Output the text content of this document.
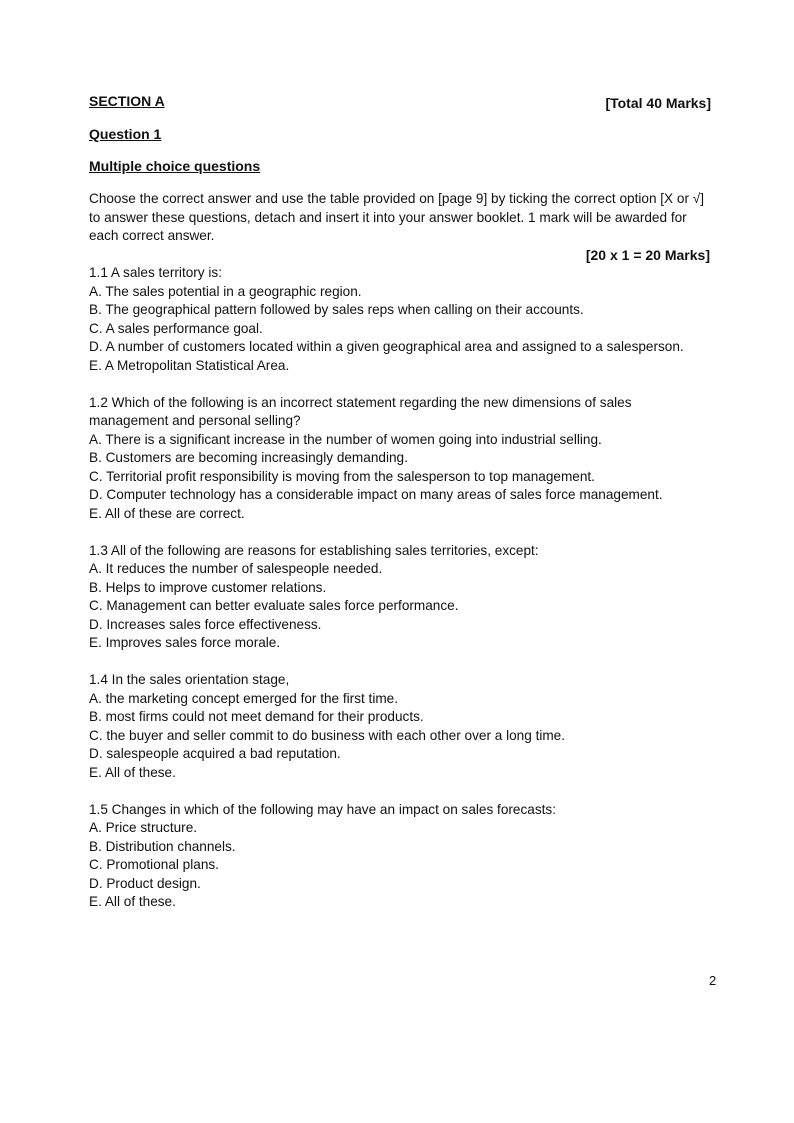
SECTION A	[Total 40 Marks]
Question 1
Multiple choice questions
Choose the correct answer and use the table provided on [page 9] by ticking the correct option [X or √] to answer these questions, detach and insert it into your answer booklet. 1 mark will be awarded for each correct answer.
[20 x 1 = 20 Marks]
1.1 A sales territory is:
A. The sales potential in a geographic region.
B. The geographical pattern followed by sales reps when calling on their accounts.
C. A sales performance goal.
D. A number of customers located within a given geographical area and assigned to a salesperson.
E. A Metropolitan Statistical Area.
1.2 Which of the following is an incorrect statement regarding the new dimensions of sales management and personal selling?
A. There is a significant increase in the number of women going into industrial selling.
B. Customers are becoming increasingly demanding.
C. Territorial profit responsibility is moving from the salesperson to top management.
D. Computer technology has a considerable impact on many areas of sales force management.
E. All of these are correct.
1.3 All of the following are reasons for establishing sales territories, except:
A. It reduces the number of salespeople needed.
B. Helps to improve customer relations.
C. Management can better evaluate sales force performance.
D. Increases sales force effectiveness.
E. Improves sales force morale.
1.4 In the sales orientation stage,
A. the marketing concept emerged for the first time.
B. most firms could not meet demand for their products.
C. the buyer and seller commit to do business with each other over a long time.
D. salespeople acquired a bad reputation.
E. All of these.
1.5 Changes in which of the following may have an impact on sales forecasts:
A. Price structure.
B. Distribution channels.
C. Promotional plans.
D. Product design.
E. All of these.
2
